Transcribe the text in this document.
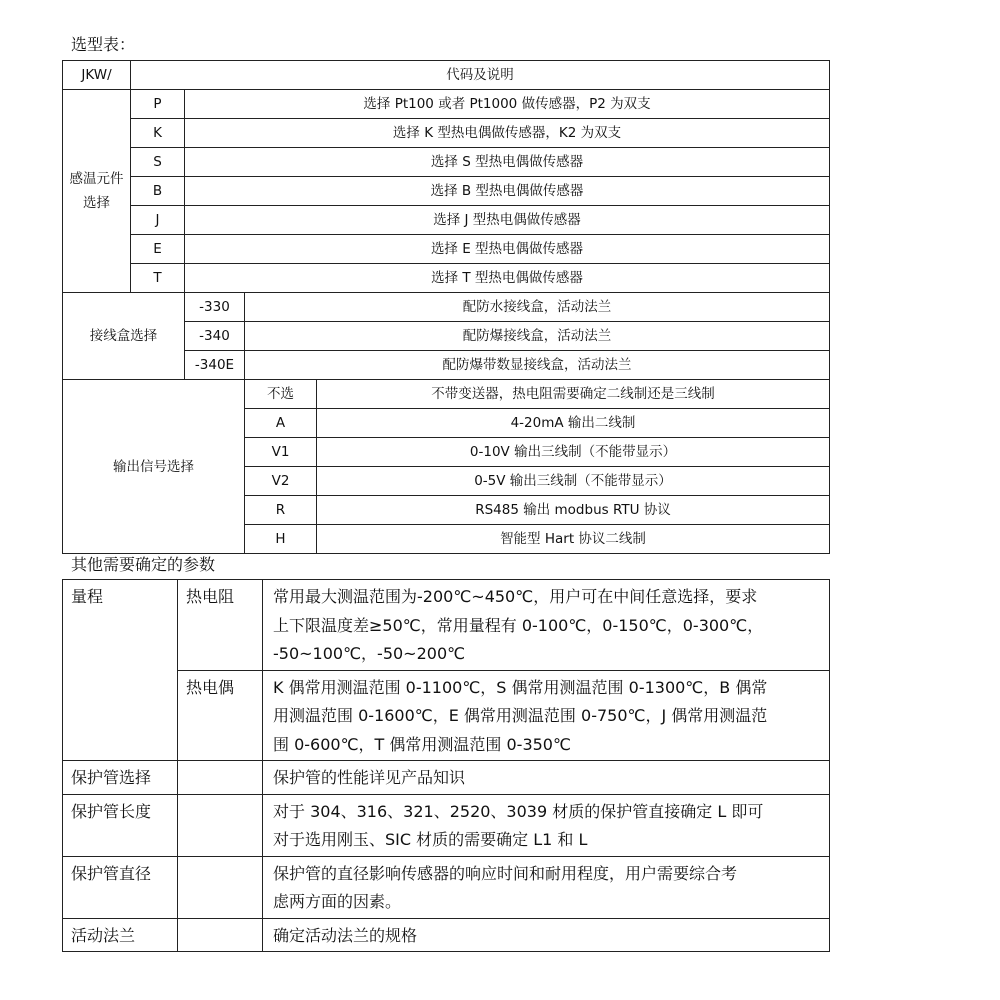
选型表：
JKW/	代码及说明			
感温元件选择	P	选择 Pt100 或者 Pt1000 做传感器，P2 为双支		
	K	选择 K 型热电偶做传感器，K2 为双支		
	S	选择 S 型热电偶做传感器		
	B	选择 B 型热电偶做传感器		
	J	选择 J 型热电偶做传感器		
	E	选择 E 型热电偶做传感器		
	T	选择 T 型热电偶做传感器		
接线盒选择		-330	配防水接线盒，活动法兰	
		-340	配防爆接线盒，活动法兰	
		-340E	配防爆带数显接线盒，活动法兰	
输出信号选择			不选	不带变送器，热电阻需要确定二线制还是三线制
			A	4-20mA 输出二线制
			V1	0-10V 输出三线制（不能带显示）
			V2	0-5V 输出三线制（不能带显示）
			R	RS485 输出 modbus RTU 协议
			H	智能型 Hart 协议二线制
其他需要确定的参数
量程	热电阻	常用最大测温范围为-200℃~450℃，用户可在中间任意选择，要求
上下限温度差≥50℃，常用量程有 0-100℃，0-150℃，0-300℃，
-50~100℃，-50~200℃

	热电偶	K 偶常用测温范围 0-1100℃，S 偶常用测温范围 0-1300℃，B 偶常
用测温范围 0-1600℃，E 偶常用测温范围 0-750℃，J 偶常用测温范
围 0-600℃，T 偶常用测温范围 0-350℃

保护管选择		保护管的性能详见产品知识

保护管长度		对于 304、316、321、2520、3039 材质的保护管直接确定 L 即可
对于选用刚玉、SIC 材质的需要确定 L1 和 L

保护管直径		保护管的直径影响传感器的响应时间和耐用程度，用户需要综合考
虑两方面的因素。

活动法兰		确定活动法兰的规格
